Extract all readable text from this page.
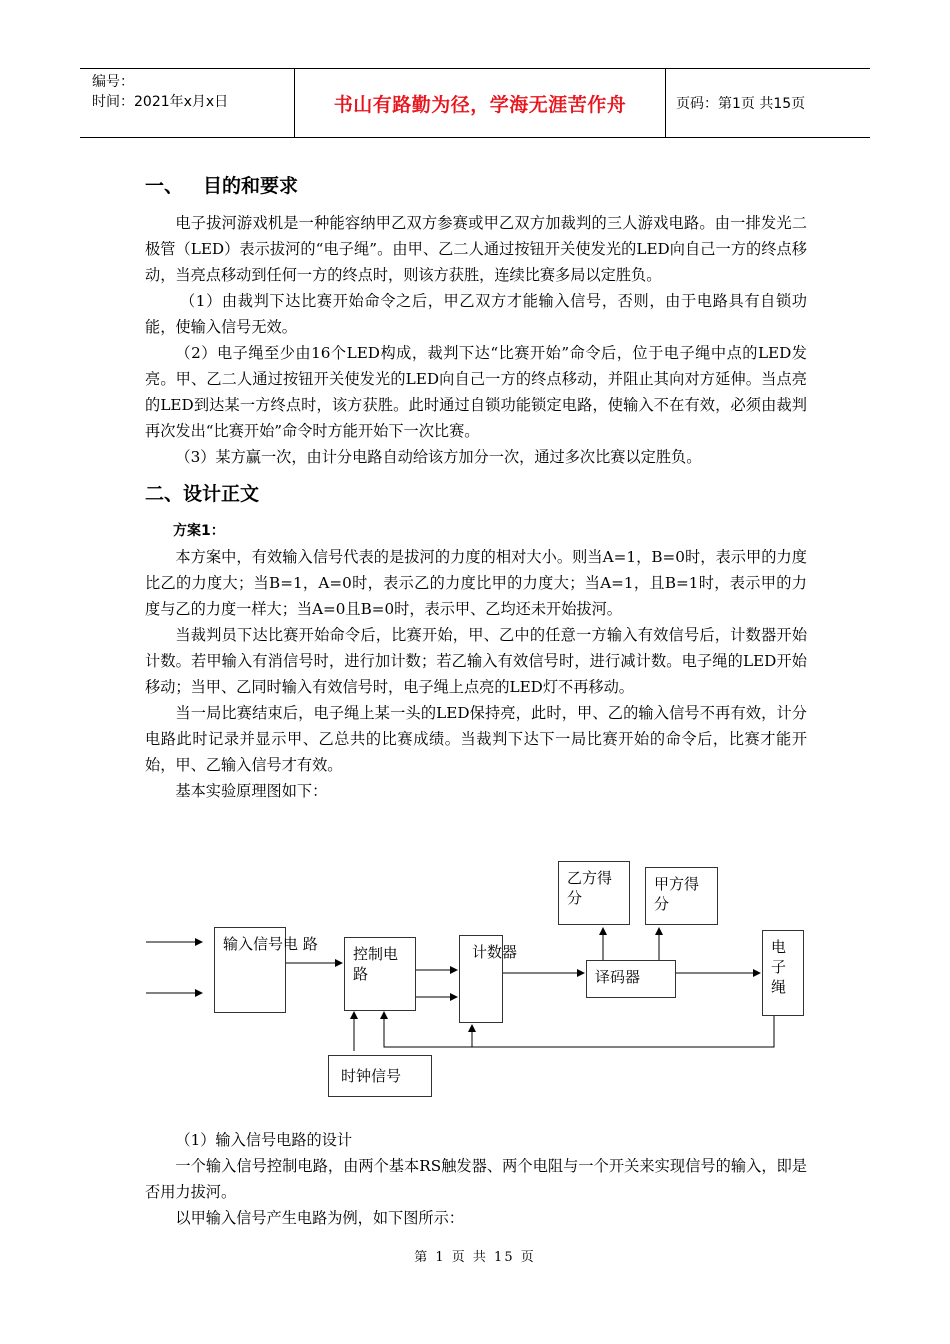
编号：
时间：2021年x月x日	书山有路勤为径，学海无涯苦作舟	页码：第1页 共15页
一、 目的和要求

电子拔河游戏机是一种能容纳甲乙双方参赛或甲乙双方加裁判的三人游戏电路。由一排发光二极管（LED）表示拔河的“电子绳”。由甲、乙二人通过按钮开关使发光的LED向自己一方的终点移动，当亮点移动到任何一方的终点时，则该方获胜，连续比赛多局以定胜负。

（1）由裁判下达比赛开始命令之后，甲乙双方才能输入信号，否则，由于电路具有自锁功能，使输入信号无效。

（2）电子绳至少由16个LED构成，裁判下达“比赛开始”命令后，位于电子绳中点的LED发亮。甲、乙二人通过按钮开关使发光的LED向自己一方的终点移动，并阻止其向对方延伸。当点亮的LED到达某一方终点时，该方获胜。此时通过自锁功能锁定电路，使输入不在有效，必须由裁判再次发出“比赛开始”命令时方能开始下一次比赛。

（3）某方赢一次，由计分电路自动给该方加分一次，通过多次比赛以定胜负。

二、设计正文

方案1：

本方案中，有效输入信号代表的是拔河的力度的相对大小。则当A=1，B=0时，表示甲的力度比乙的力度大；当B=1，A=0时，表示乙的力度比甲的力度大；当A=1，且B=1时，表示甲的力度与乙的力度一样大；当A=0且B=0时，表示甲、乙均还未开始拔河。

当裁判员下达比赛开始命令后，比赛开始，甲、乙中的任意一方输入有效信号后，计数器开始计数。若甲输入有消信号时，进行加计数；若乙输入有效信号时，进行减计数。电子绳的LED开始移动；当甲、乙同时输入有效信号时，电子绳上点亮的LED灯不再移动。

当一局比赛结束后，电子绳上某一头的LED保持亮，此时，甲、乙的输入信号不再有效，计分电路此时记录并显示甲、乙总共的比赛成绩。当裁判下达下一局比赛开始的命令后，比赛才能开始，甲、乙输入信号才有效。

基本实验原理图如下：

输入信号电 路
控制电路
计数器
译码器
乙方得分
甲方得分
电子绳
时钟信号

（1）输入信号电路的设计

一个输入信号控制电路，由两个基本RS触发器、两个电阻与一个开关来实现信号的输入，即是否用力拔河。

以甲输入信号产生电路为例，如下图所示：

第 1 页 共 15 页
